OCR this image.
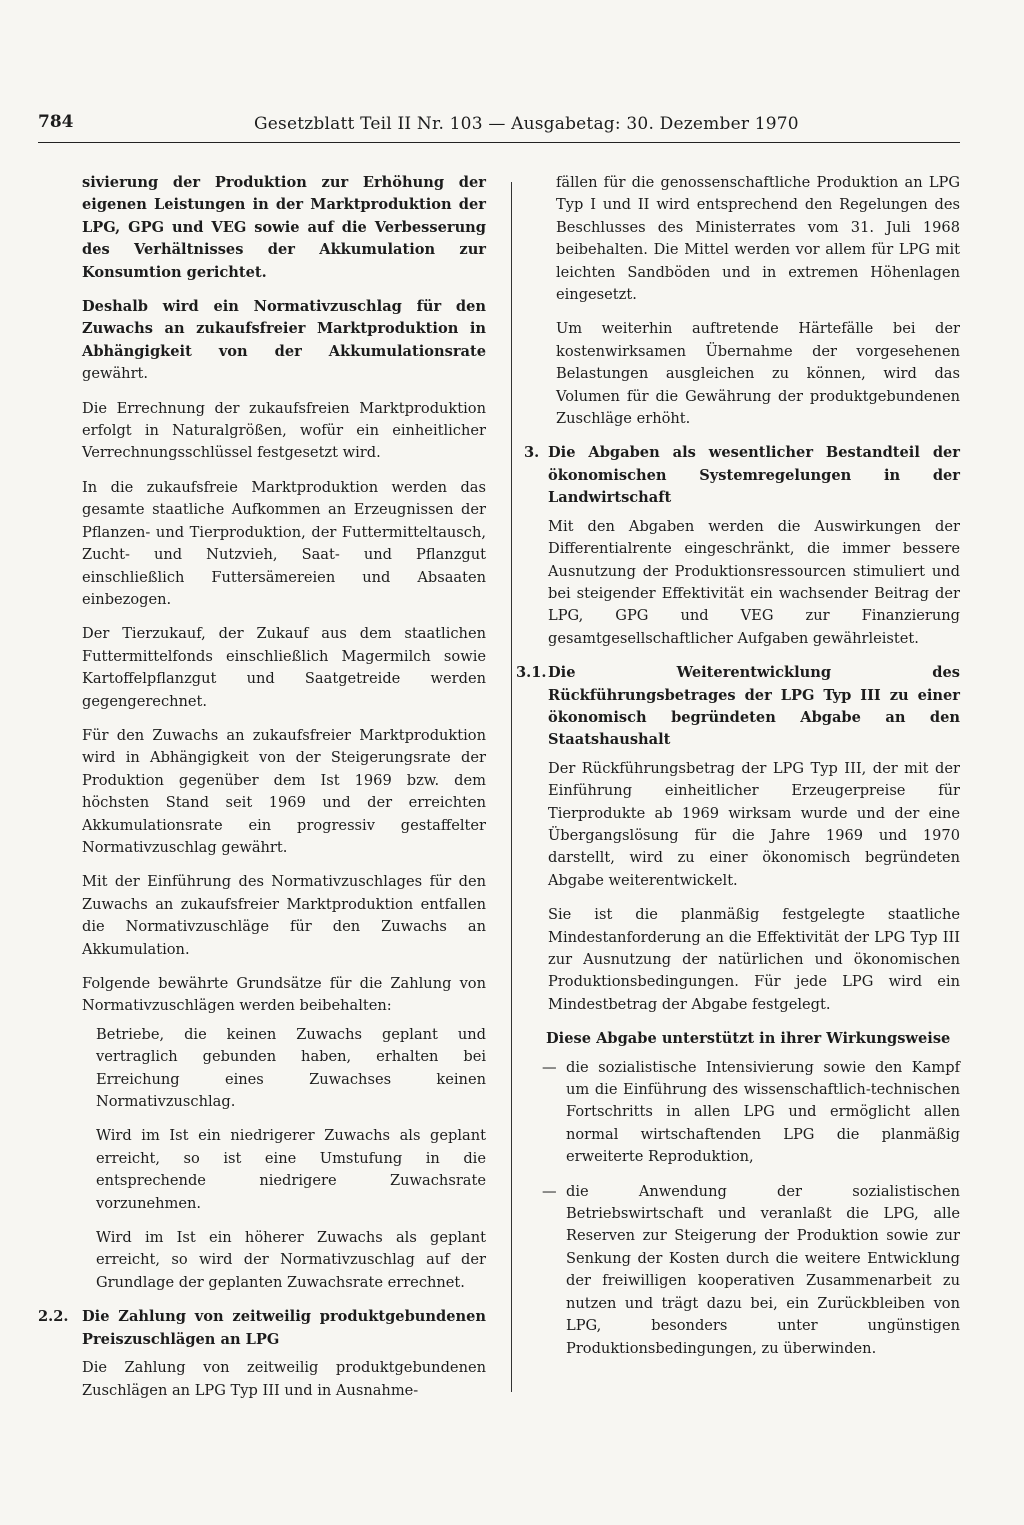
784	Gesetzblatt Teil II Nr. 103 — Ausgabetag: 30. Dezember 1970

sivierung der Produktion zur Erhöhung der eigenen Leistungen in der Marktproduktion der LPG, GPG und VEG sowie auf die Verbesserung des Verhältnisses der Akkumulation zur Konsumtion gerichtet.

Deshalb wird ein Normativzuschlag für den Zuwachs an zukaufsfreier Marktproduktion in Abhängigkeit von der Akkumulationsrate gewährt.

Die Errechnung der zukaufsfreien Marktproduktion erfolgt in Naturalgrößen, wofür ein einheitlicher Verrechnungsschlüssel festgesetzt wird.

In die zukaufsfreie Marktproduktion werden das gesamte staatliche Aufkommen an Erzeugnissen der Pflanzen- und Tierproduktion, der Futtermitteltausch, Zucht- und Nutzvieh, Saat- und Pflanzgut einschließlich Futtersämereien und Absaaten einbezogen.

Der Tierzukauf, der Zukauf aus dem staatlichen Futtermittelfonds einschließlich Magermilch sowie Kartoffelpflanzgut und Saatgetreide werden gegengerechnet.

Für den Zuwachs an zukaufsfreier Marktproduktion wird in Abhängigkeit von der Steigerungsrate der Produktion gegenüber dem Ist 1969 bzw. dem höchsten Stand seit 1969 und der erreichten Akkumulationsrate ein progressiv gestaffelter Normativzuschlag gewährt.

Mit der Einführung des Normativzuschlages für den Zuwachs an zukaufsfreier Marktproduktion entfallen die Normativzuschläge für den Zuwachs an Akkumulation.

Folgende bewährte Grundsätze für die Zahlung von Normativzuschlägen werden beibehalten:

Betriebe, die keinen Zuwachs geplant und vertraglich gebunden haben, erhalten bei Erreichung eines Zuwachses keinen Normativzuschlag.

Wird im Ist ein niedrigerer Zuwachs als geplant erreicht, so ist eine Umstufung in die entsprechende niedrigere Zuwachsrate vorzunehmen.

Wird im Ist ein höherer Zuwachs als geplant erreicht, so wird der Normativzuschlag auf der Grundlage der geplanten Zuwachsrate errechnet.

2.2. Die Zahlung von zeitweilig produktgebundenen Preiszuschlägen an LPG

Die Zahlung von zeitweilig produktgebundenen Zuschlägen an LPG Typ III und in Ausnahme-

fällen für die genossenschaftliche Produktion an LPG Typ I und II wird entsprechend den Regelungen des Beschlusses des Ministerrates vom 31. Juli 1968 beibehalten. Die Mittel werden vor allem für LPG mit leichten Sandböden und in extremen Höhenlagen eingesetzt.

Um weiterhin auftretende Härtefälle bei der kostenwirksamen Übernahme der vorgesehenen Belastungen ausgleichen zu können, wird das Volumen für die Gewährung der produktgebundenen Zuschläge erhöht.

3. Die Abgaben als wesentlicher Bestandteil der ökonomischen Systemregelungen in der Landwirtschaft

Mit den Abgaben werden die Auswirkungen der Differentialrente eingeschränkt, die immer bessere Ausnutzung der Produktionsressourcen stimuliert und bei steigender Effektivität ein wachsender Beitrag der LPG, GPG und VEG zur Finanzierung gesamtgesellschaftlicher Aufgaben gewährleistet.

3.1. Die Weiterentwicklung des Rückführungsbetrages der LPG Typ III zu einer ökonomisch begründeten Abgabe an den Staatshaushalt

Der Rückführungsbetrag der LPG Typ III, der mit der Einführung einheitlicher Erzeugerpreise für Tierprodukte ab 1969 wirksam wurde und der eine Übergangslösung für die Jahre 1969 und 1970 darstellt, wird zu einer ökonomisch begründeten Abgabe weiterentwickelt.

Sie ist die planmäßig festgelegte staatliche Mindestanforderung an die Effektivität der LPG Typ III zur Ausnutzung der natürlichen und ökonomischen Produktionsbedingungen. Für jede LPG wird ein Mindestbetrag der Abgabe festgelegt.

Diese Abgabe unterstützt in ihrer Wirkungsweise

— die sozialistische Intensivierung sowie den Kampf um die Einführung des wissenschaftlich-technischen Fortschritts in allen LPG und ermöglicht allen normal wirtschaftenden LPG die planmäßig erweiterte Reproduktion,
— die Anwendung der sozialistischen Betriebswirtschaft und veranlaßt die LPG, alle Reserven zur Steigerung der Produktion sowie zur Senkung der Kosten durch die weitere Entwicklung der freiwilligen kooperativen Zusammenarbeit zu nutzen und trägt dazu bei, ein Zurückbleiben von LPG, besonders unter ungünstigen Produktionsbedingungen, zu überwinden.
